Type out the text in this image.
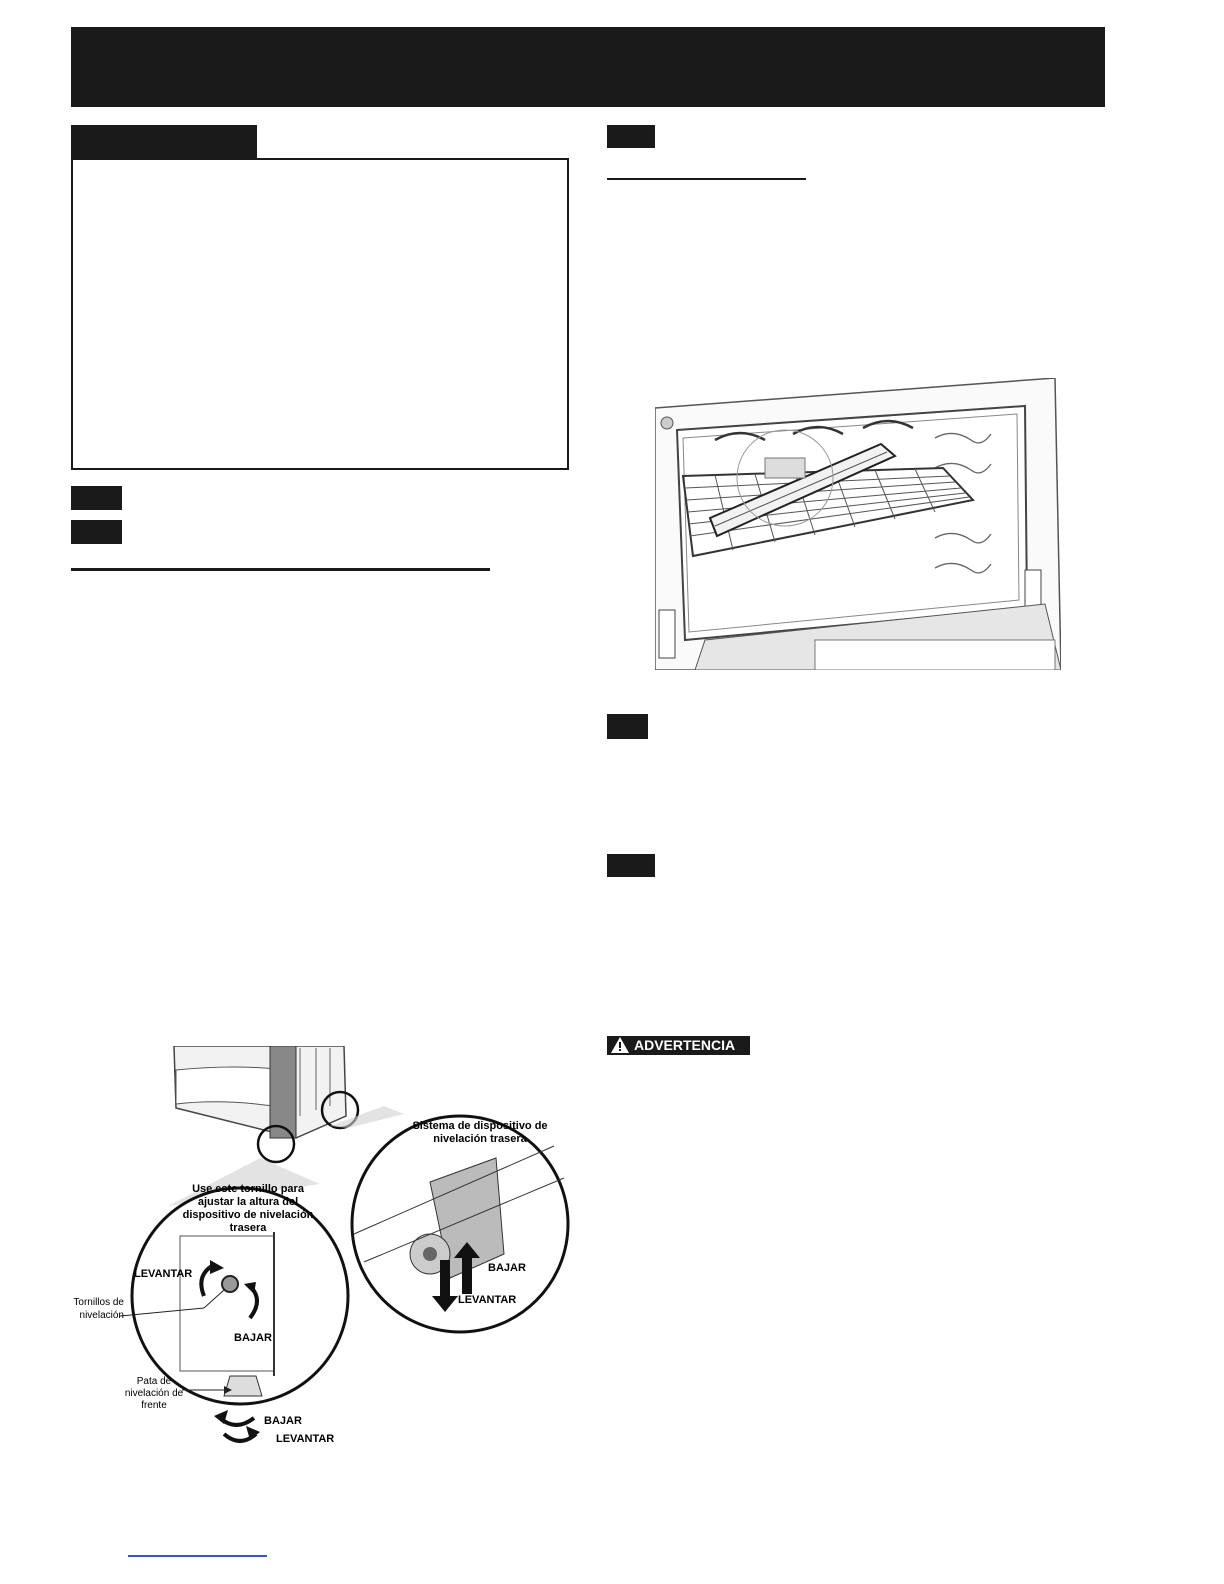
Sistema de dispositivo de nivelación trasera
Use este tornillo para ajustar la altura del dispositivo de nivelación trasera
LEVANTAR
BAJAR
Tornillos de nivelación
Pata de nivelación de frente
BAJAR
LEVANTAR
BAJAR
LEVANTAR
ADVERTENCIA
